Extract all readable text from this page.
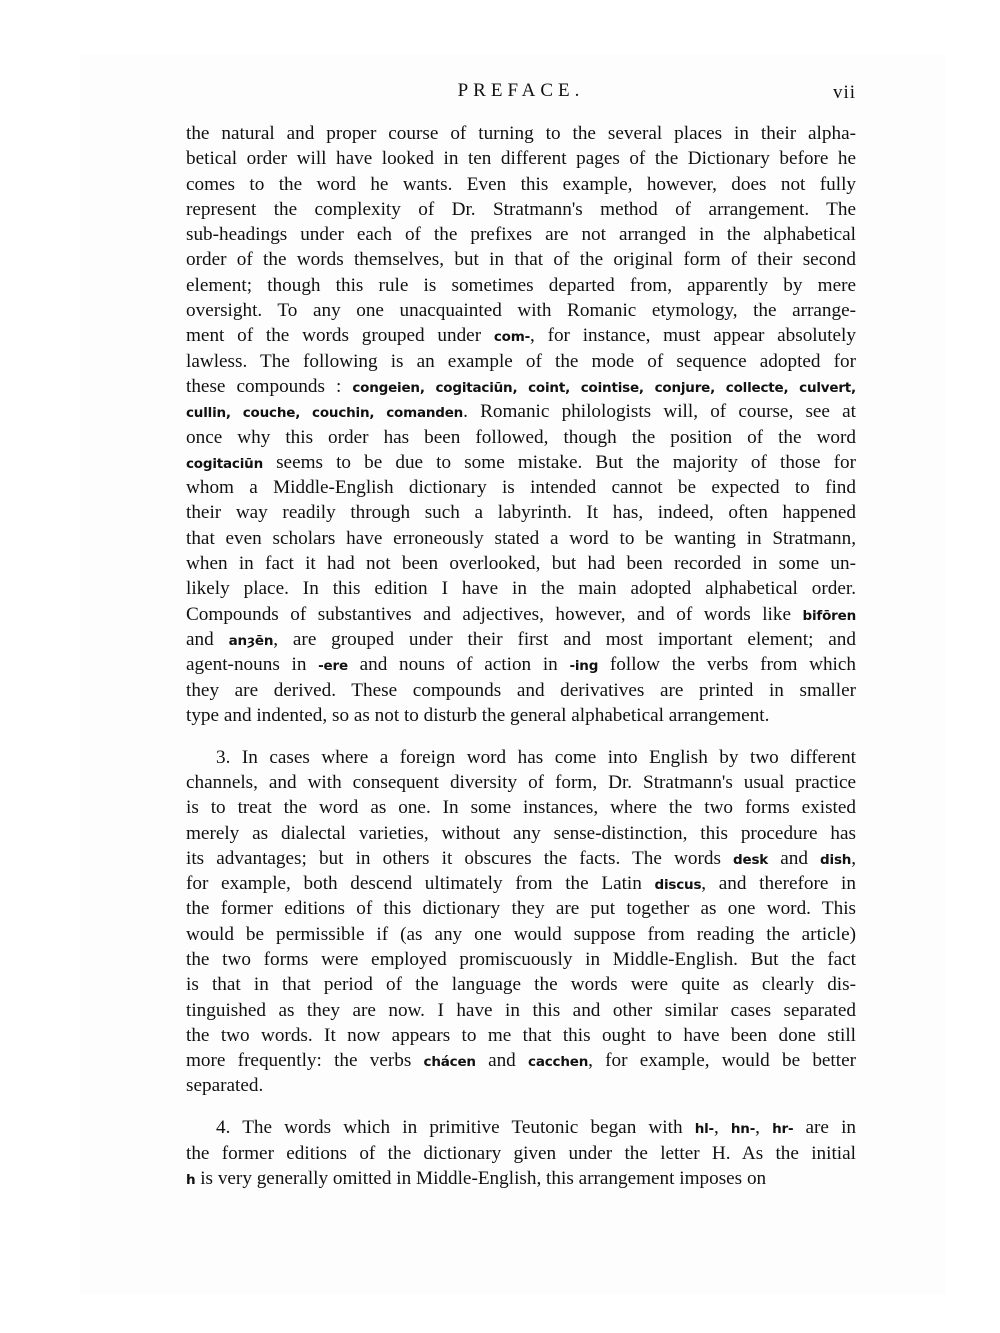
PREFACE.	vii
the natural and proper course of turning to the several places in their alpha-
betical order will have looked in ten different pages of the Dictionary before he
comes to the word he wants. Even this example, however, does not fully
represent the complexity of Dr. Stratmann's method of arrangement. The
sub-headings under each of the prefixes are not arranged in the alphabetical
order of the words themselves, but in that of the original form of their second
element; though this rule is sometimes departed from, apparently by mere
oversight. To any one unacquainted with Romanic etymology, the arrange-
ment of the words grouped under com-, for instance, must appear absolutely
lawless. The following is an example of the mode of sequence adopted for
these compounds : congeien, cogitaciūn, coint, cointise, conjure, collecte, culvert,
cullin, couche, couchin, comanden. Romanic philologists will, of course, see at
once why this order has been followed, though the position of the word
cogitaciūn seems to be due to some mistake. But the majority of those for
whom a Middle-English dictionary is intended cannot be expected to find
their way readily through such a labyrinth. It has, indeed, often happened
that even scholars have erroneously stated a word to be wanting in Stratmann,
when in fact it had not been overlooked, but had been recorded in some un-
likely place. In this edition I have in the main adopted alphabetical order.
Compounds of substantives and adjectives, however, and of words like bifōren
and anȝēn, are grouped under their first and most important element; and
agent-nouns in -ere and nouns of action in -ing follow the verbs from which
they are derived. These compounds and derivatives are printed in smaller
type and indented, so as not to disturb the general alphabetical arrangement.
3. In cases where a foreign word has come into English by two different
channels, and with consequent diversity of form, Dr. Stratmann's usual practice
is to treat the word as one. In some instances, where the two forms existed
merely as dialectal varieties, without any sense-distinction, this procedure has
its advantages; but in others it obscures the facts. The words desk and dish,
for example, both descend ultimately from the Latin discus, and therefore in
the former editions of this dictionary they are put together as one word. This
would be permissible if (as any one would suppose from reading the article)
the two forms were employed promiscuously in Middle-English. But the fact
is that in that period of the language the words were quite as clearly dis-
tinguished as they are now. I have in this and other similar cases separated
the two words. It now appears to me that this ought to have been done still
more frequently: the verbs chácen and cacchen, for example, would be better
separated.
4. The words which in primitive Teutonic began with hl-, hn-, hr- are in
the former editions of the dictionary given under the letter H. As the initial
h is very generally omitted in Middle-English, this arrangement imposes on
